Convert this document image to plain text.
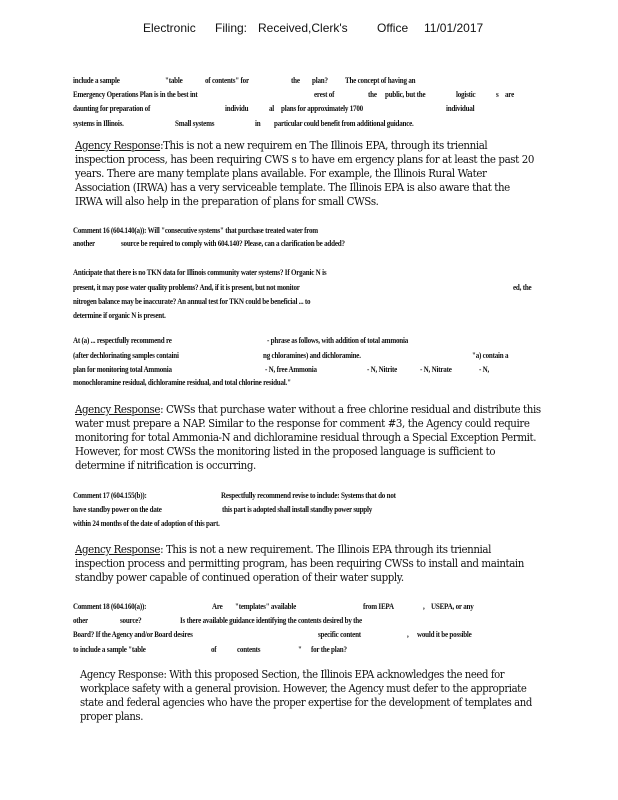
Electronic Filing: Received,Clerk's Office 11/01/2017
include a sample	"table	of contents" for	the plan? The concept of having an
Emergency Operations Plan is in the best int	erest of	the public, but the	logistic	s are
daunting for preparation of	individu	al plans for approximately 1700	individual
systems in Illinois.	Small systems	in particular could benefit from additional guidance.
Agency Response:This is not a new requirem en The Illinois EPA, through its triennial
inspection process, has been requiring CWS s to have em ergency plans for at least the past 20
years. There are many template plans available. For example, the Illinois Rural Water
Association (IRWA) has a very serviceable template. The Illinois EPA is also aware that the
IRWA will also help in the preparation of plans for small CWSs.
Comment 16 (604.140(a)): Will "consecutive systems" that purchase treated water from
another	source be required to comply with 604.140? Please, can a clarification be added?
Anticipate that there is no TKN data for Illinois community water systems? If Organic N is
present, it may pose water quality problems? And, if it is present, but not monitor	ed, the
nitrogen balance may be inaccurate? An annual test for TKN could be beneficial ... to
determine if organic N is present.
At (a) ... respectfully recommend re	- phrase as follows, with addition of total ammonia
(after dechlorinating samples containi	ng chloramines) and dichloramine.	"a) contain a
plan for monitoring total Ammonia	- N, free Ammonia	- N, Nitrite	- N, Nitrate	- N,
monochloramine residual, dichloramine residual, and total chlorine residual."
Agency Response: CWSs that purchase water without a free chlorine residual and distribute this
water must prepare a NAP. Similar to the response for comment #3, the Agency could require
monitoring for total Ammonia-N and dichloramine residual through a Special Exception Permit.
However, for most CWSs the monitoring listed in the proposed language is sufficient to
determine if nitrification is occurring.
Comment 17 (604.155(b)):	Respectfully recommend revise to include: Systems that do not
have standby power on the date	this part is adopted shall install standby power supply
within 24 months of the date of adoption of this part.
Agency Response: This is not a new requirement. The Illinois EPA through its triennial
inspection process and permitting program, has been requiring CWSs to install and maintain
standby power capable of continued operation of their water supply.
Comment 18 (604.160(a)):	Are "templates" available	from IEPA	, USEPA, or any
other	source?	Is there available guidance identifying the contents desired by the
Board? If the Agency and/or Board desires	specific content	, would it be possible
to include a sample "table	of	contents	" for the plan?
Agency Response: With this proposed Section, the Illinois EPA acknowledges the need for
workplace safety with a general provision. However, the Agency must defer to the appropriate
state and federal agencies who have the proper expertise for the development of templates and
proper plans.
